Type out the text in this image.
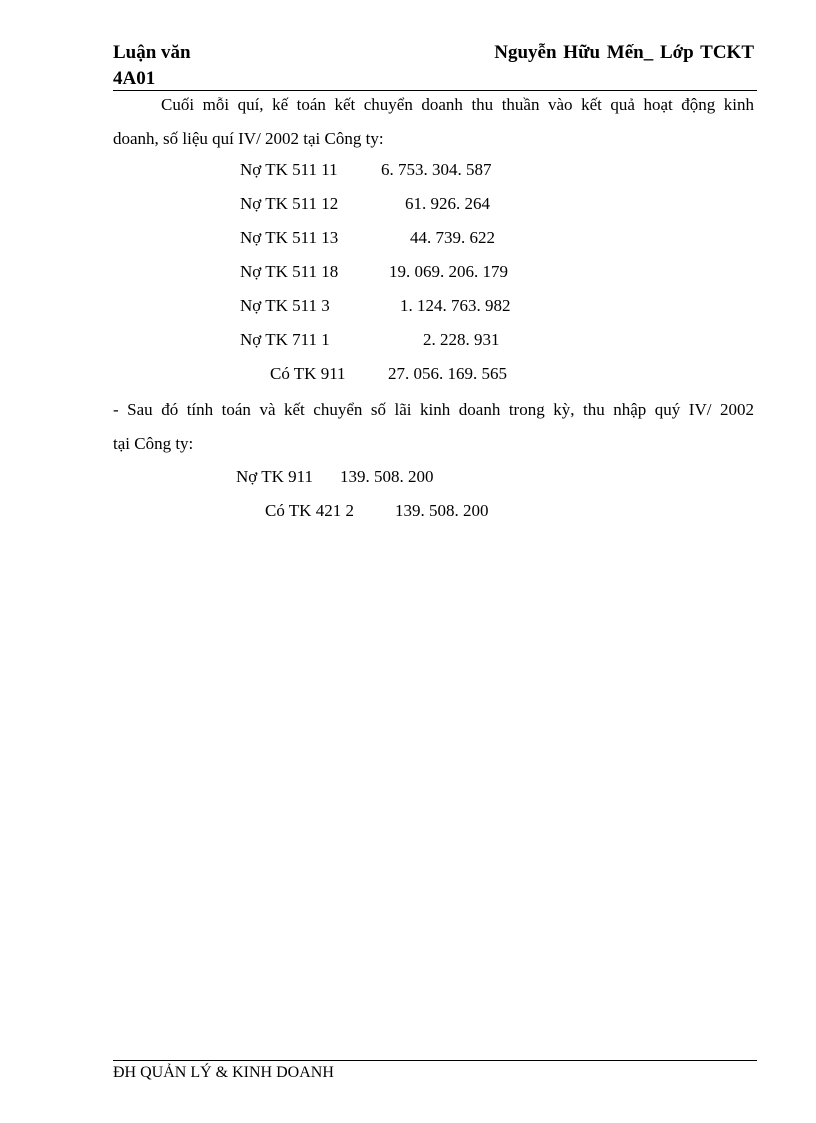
Luận văn
4A01
Nguyễn Hữu Mến_ Lớp TCKT
Cuối mỗi quí, kế toán kết chuyển doanh thu thuần vào kết quả hoạt động kinh
doanh, số liệu quí IV/ 2002 tại Công ty:
Nợ TK 511 11	6. 753. 304. 587
Nợ TK 511 12	61. 926. 264
Nợ TK 511 13	44. 739. 622
Nợ TK 511 18	19. 069. 206. 179
Nợ TK 511 3	1. 124. 763. 982
Nợ TK 711 1	2. 228. 931
Có TK 911 27. 056. 169. 565
- Sau đó tính toán và kết chuyển số lãi kinh doanh trong kỳ, thu nhập quý IV/ 2002
tại Công ty:
Nợ TK 911 139. 508. 200
Có TK 421 2 139. 508. 200
ĐH QUẢN LÝ & KINH DOANH
